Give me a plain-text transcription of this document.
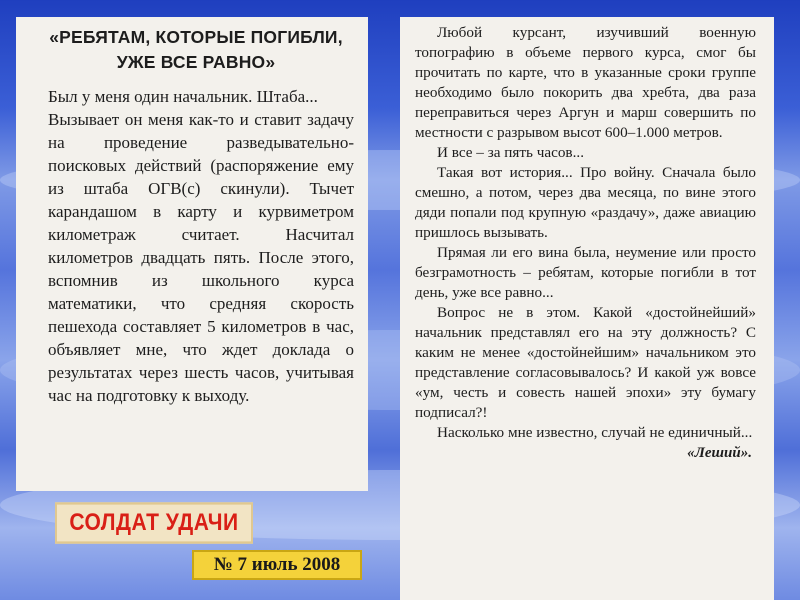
«РЕБЯТАМ, КОТОРЫЕ ПОГИБЛИ, УЖЕ ВСЕ РАВНО»

Был у меня один начальник. Штаба...

Вызывает он меня как-то и ставит задачу на проведение разведывательно-поисковых действий (распоряжение ему из штаба ОГВ(с) скинули). Тычет карандашом в карту и курвиметром километраж считает. Насчитал километров двадцать пять. После этого, вспомнив из школьного курса математики, что средняя скорость пешехода составляет 5 километров в час, объявляет мне, что ждет доклада о результатах через шесть часов, учитывая час на подготовку к выходу.

Любой курсант, изучивший военную топографию в объеме первого курса, смог бы прочитать по карте, что в указанные сроки группе необходимо было покорить два хребта, два раза переправиться через Аргун и марш совершить по местности с разрывом высот 600–1.000 метров.

И все – за пять часов...

Такая вот история... Про войну. Сначала было смешно, а потом, через два месяца, по вине этого дяди попали под крупную «раздачу», даже авиацию пришлось вызывать.

Прямая ли его вина была, неумение или просто безграмотность – ребятам, которые погибли в тот день, уже все равно...

Вопрос не в этом. Какой «достойнейший» начальник представлял его на эту должность? С каким не менее «достойнейшим» начальником это представление согласовывалось? И какой уж вовсе «ум, честь и совесть нашей эпохи» эту бумагу подписал?!

Насколько мне известно, случай не единичный...

«Леший».

СОЛДАТ УДАЧИ
№ 7 июль 2008
